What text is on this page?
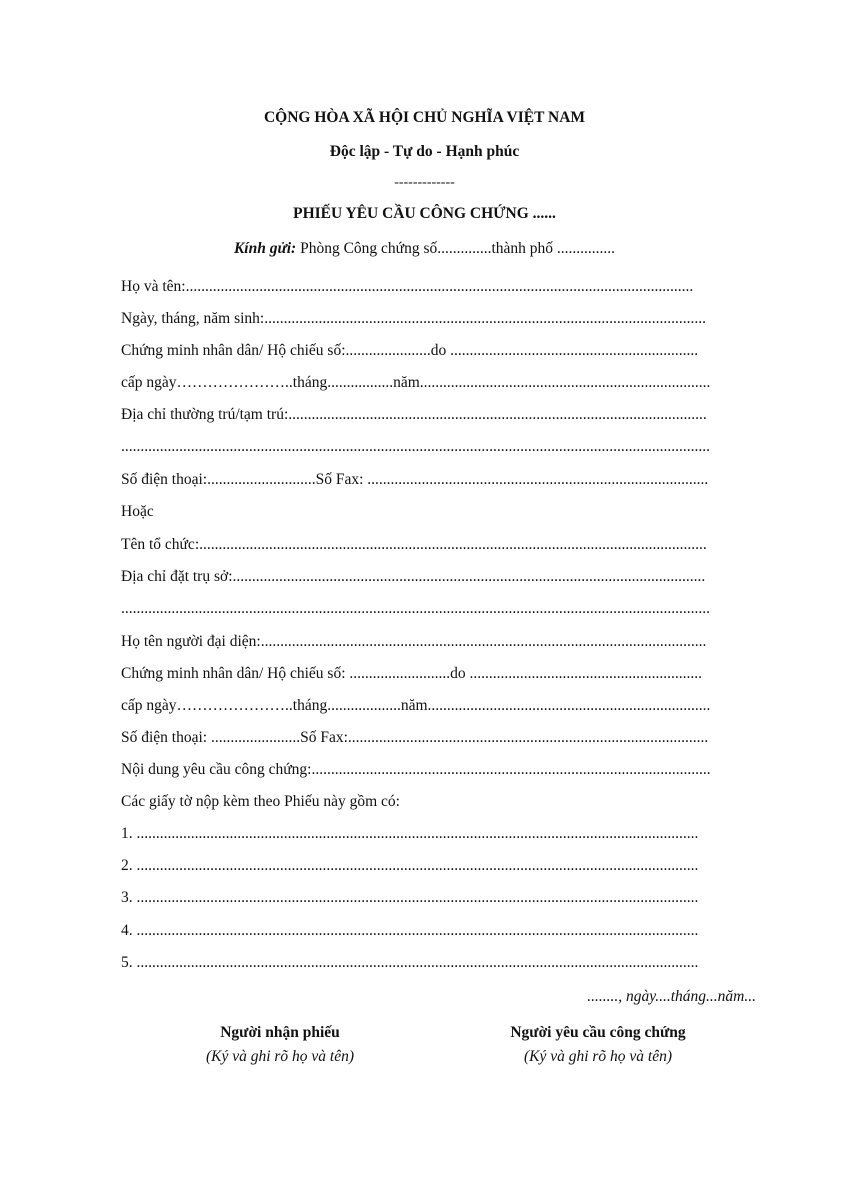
CỘNG HÒA XÃ HỘI CHỦ NGHĨA VIỆT NAM
Độc lập - Tự do - Hạnh phúc
-------------
PHIẾU YÊU CẦU CÔNG CHỨNG ......
Kính gửi: Phòng Công chứng số..............thành phố ...............
Họ và tên:...................................................................................................................................
Ngày, tháng, năm sinh:..................................................................................................................
Chứng minh nhân dân/ Hộ chiếu số:......................do ................................................................
cấp ngày…………………..tháng.................năm...........................................................................
Địa chỉ thường trú/tạm trú:............................................................................................................
........................................................................................................................................................
Số điện thoại:............................Số Fax: ........................................................................................
Hoặc
Tên tổ chức:...................................................................................................................................
Địa chỉ đặt trụ sở:..........................................................................................................................
........................................................................................................................................................
Họ tên người đại diện:...................................................................................................................
Chứng minh nhân dân/ Hộ chiếu số: ..........................do ............................................................
cấp ngày…………………..tháng...................năm.........................................................................
Số điện thoại: .......................Số Fax:.............................................................................................
Nội dung yêu cầu công chứng:.......................................................................................................
Các giấy tờ nộp kèm theo Phiếu này gồm có:
1. .................................................................................................................................................
2. .................................................................................................................................................
3. .................................................................................................................................................
4. .................................................................................................................................................
5. .................................................................................................................................................
........, ngày....tháng...năm...
Người nhận phiếu
(Ký và ghi rõ họ và tên)
Người yêu cầu công chứng
(Ký và ghi rõ họ và tên)
